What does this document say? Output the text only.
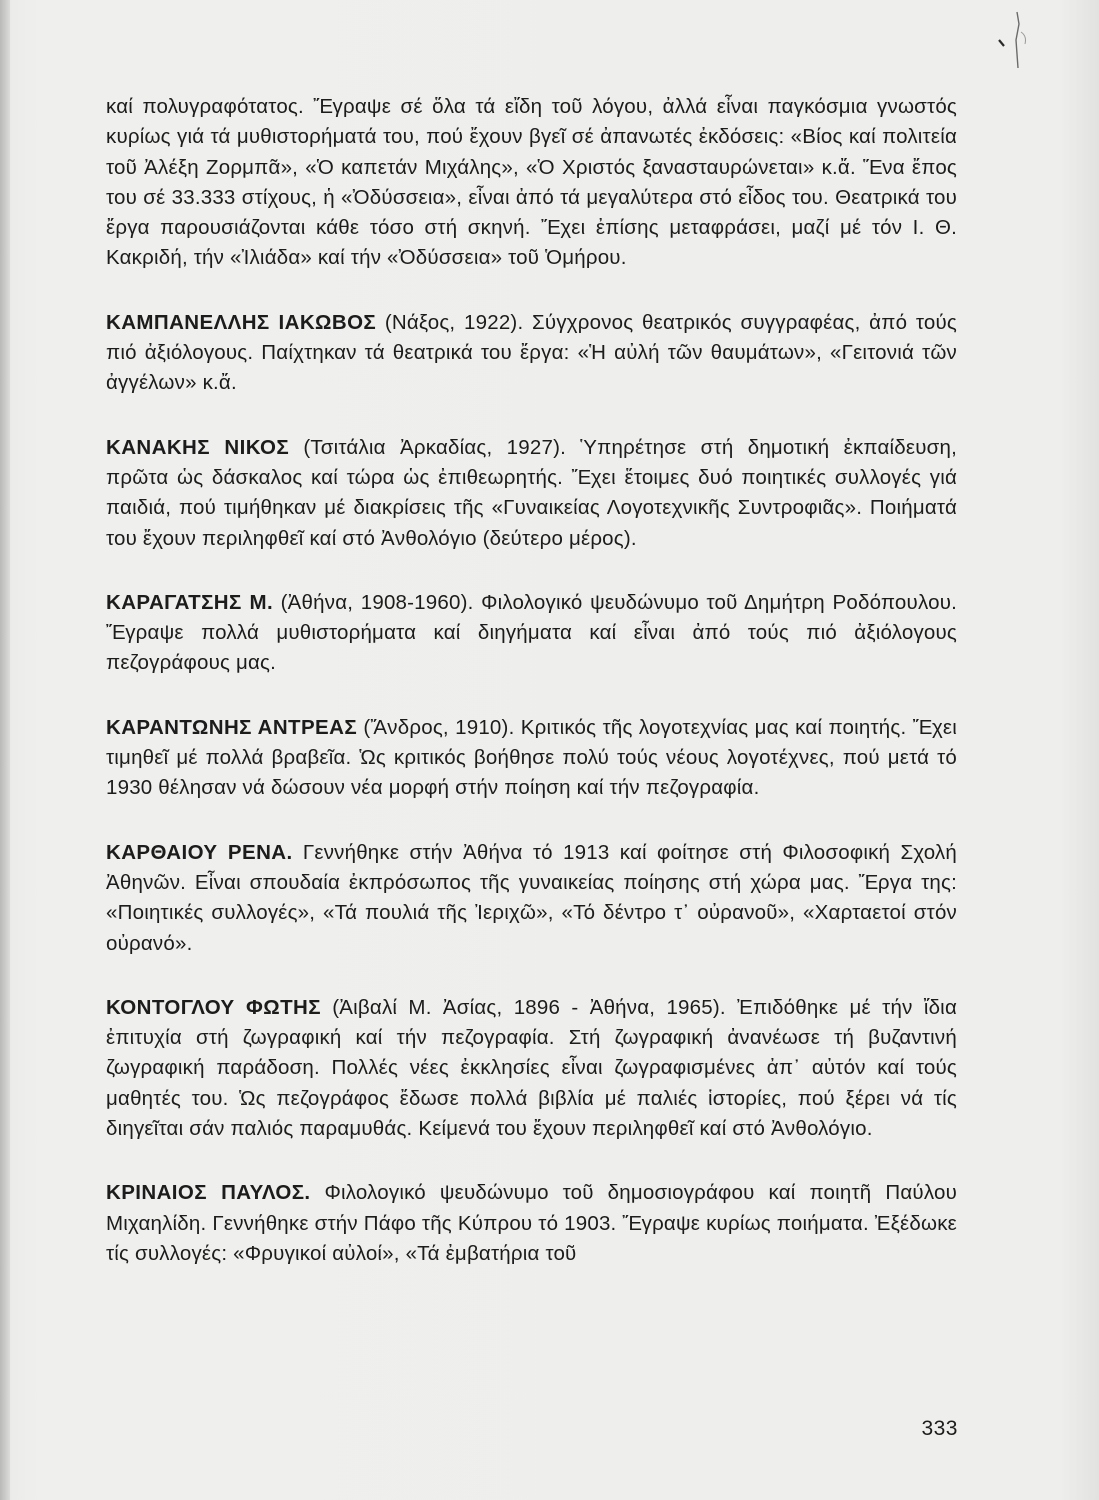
καί πολυγραφότατος. Ἔγραψε σέ ὅλα τά εἴδη τοῦ λόγου, ἀλλά εἶναι παγκόσμια γνωστός κυρίως γιά τά μυθιστορήματά του, πού ἔχουν βγεῖ σέ ἀπανωτές ἐκδόσεις: «Βίος καί πολιτεία τοῦ Ἀλέξη Ζορμπᾶ», «Ὁ καπετάν Μιχάλης», «Ὁ Χριστός ξανασταυρώνεται» κ.ἄ. Ἕνα ἔπος του σέ 33.333 στίχους, ἡ «Ὀδύσσεια», εἶναι ἀπό τά μεγαλύτερα στό εἶδος του. Θεατρικά του ἔργα παρουσιάζονται κάθε τόσο στή σκηνή. Ἔχει ἐπίσης μεταφράσει, μαζί μέ τόν Ι. Θ. Κακριδή, τήν «Ἰλιάδα» καί τήν «Ὀδύσσεια» τοῦ Ὁμήρου.

ΚΑΜΠΑΝΕΛΛΗΣ ΙΑΚΩΒΟΣ (Νάξος, 1922). Σύγχρονος θεατρικός συγγραφέας, ἀπό τούς πιό ἀξιόλογους. Παίχτηκαν τά θεατρικά του ἔργα: «Ἡ αὐλή τῶν θαυμάτων», «Γειτονιά τῶν ἀγγέλων» κ.ἄ.

ΚΑΝΑΚΗΣ ΝΙΚΟΣ (Τσιτάλια Ἀρκαδίας, 1927). Ὑπηρέτησε στή δημοτική ἐκπαίδευση, πρῶτα ὡς δάσκαλος καί τώρα ὡς ἐπιθεωρητής. Ἔχει ἕτοιμες δυό ποιητικές συλλογές γιά παιδιά, πού τιμήθηκαν μέ διακρίσεις τῆς «Γυναικείας Λογοτεχνικῆς Συντροφιᾶς». Ποιήματά του ἔχουν περιληφθεῖ καί στό Ἀνθολόγιο (δεύτερο μέρος).

ΚΑΡΑΓΑΤΣΗΣ Μ. (Ἀθήνα, 1908-1960). Φιλολογικό ψευδώνυμο τοῦ Δημήτρη Ροδόπουλου. Ἔγραψε πολλά μυθιστορήματα καί διηγήματα καί εἶναι ἀπό τούς πιό ἀξιόλογους πεζογράφους μας.

ΚΑΡΑΝΤΩΝΗΣ ΑΝΤΡΕΑΣ (Ἄνδρος, 1910). Κριτικός τῆς λογοτεχνίας μας καί ποιητής. Ἔχει τιμηθεῖ μέ πολλά βραβεῖα. Ὡς κριτικός βοήθησε πολύ τούς νέους λογοτέχνες, πού μετά τό 1930 θέλησαν νά δώσουν νέα μορφή στήν ποίηση καί τήν πεζογραφία.

ΚΑΡΘΑΙΟΥ ΡΕΝΑ. Γεννήθηκε στήν Ἀθήνα τό 1913 καί φοίτησε στή Φιλοσοφική Σχολή Ἀθηνῶν. Εἶναι σπουδαία ἐκπρόσωπος τῆς γυναικείας ποίησης στή χώρα μας. Ἔργα της: «Ποιητικές συλλογές», «Τά πουλιά τῆς Ἰεριχῶ», «Τό δέντρο τ᾽ οὐρανοῦ», «Χαρταετοί στόν οὐρανό».

ΚΟΝΤΟΓΛΟΥ ΦΩΤΗΣ (Ἀιβαλί Μ. Ἀσίας, 1896 - Ἀθήνα, 1965). Ἐπιδόθηκε μέ τήν ἴδια ἐπιτυχία στή ζωγραφική καί τήν πεζογραφία. Στή ζωγραφική ἀνανέωσε τή βυζαντινή ζωγραφική παράδοση. Πολλές νέες ἐκκλησίες εἶναι ζωγραφισμένες ἀπ᾽ αὐτόν καί τούς μαθητές του. Ὡς πεζογράφος ἔδωσε πολλά βιβλία μέ παλιές ἱστορίες, πού ξέρει νά τίς διηγεῖται σάν παλιός παραμυθάς. Κείμενά του ἔχουν περιληφθεῖ καί στό Ἀνθολόγιο.

ΚΡΙΝΑΙΟΣ ΠΑΥΛΟΣ. Φιλολογικό ψευδώνυμο τοῦ δημοσιογράφου καί ποιητῆ Παύλου Μιχαηλίδη. Γεννήθηκε στήν Πάφο τῆς Κύπρου τό 1903. Ἔγραψε κυρίως ποιήματα. Ἐξέδωκε τίς συλλογές: «Φρυγικοί αὐλοί», «Τά ἐμβατήρια τοῦ

333
